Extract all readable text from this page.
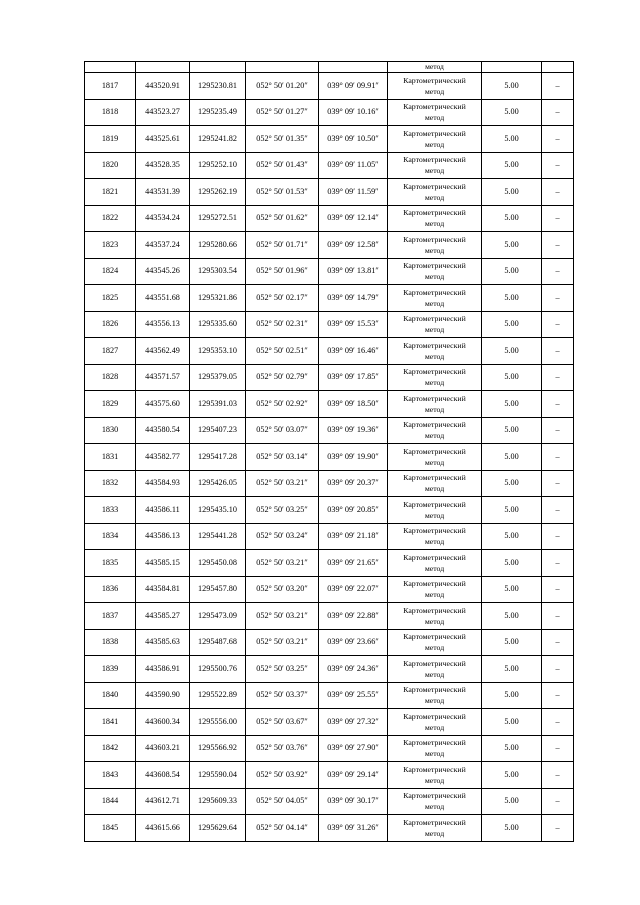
					метод		
1817	443520.91	1295230.81	052° 50′ 01.20″	039° 09′ 09.91″	Картометрический
метод	5.00	–
1818	443523.27	1295235.49	052° 50′ 01.27″	039° 09′ 10.16″	Картометрический
метод	5.00	–
1819	443525.61	1295241.82	052° 50′ 01.35″	039° 09′ 10.50″	Картометрический
метод	5.00	–
1820	443528.35	1295252.10	052° 50′ 01.43″	039° 09′ 11.05″	Картометрический
метод	5.00	–
1821	443531.39	1295262.19	052° 50′ 01.53″	039° 09′ 11.59″	Картометрический
метод	5.00	–
1822	443534.24	1295272.51	052° 50′ 01.62″	039° 09′ 12.14″	Картометрический
метод	5.00	–
1823	443537.24	1295280.66	052° 50′ 01.71″	039° 09′ 12.58″	Картометрический
метод	5.00	–
1824	443545.26	1295303.54	052° 50′ 01.96″	039° 09′ 13.81″	Картометрический
метод	5.00	–
1825	443551.68	1295321.86	052° 50′ 02.17″	039° 09′ 14.79″	Картометрический
метод	5.00	–
1826	443556.13	1295335.60	052° 50′ 02.31″	039° 09′ 15.53″	Картометрический
метод	5.00	–
1827	443562.49	1295353.10	052° 50′ 02.51″	039° 09′ 16.46″	Картометрический
метод	5.00	–
1828	443571.57	1295379.05	052° 50′ 02.79″	039° 09′ 17.85″	Картометрический
метод	5.00	–
1829	443575.60	1295391.03	052° 50′ 02.92″	039° 09′ 18.50″	Картометрический
метод	5.00	–
1830	443580.54	1295407.23	052° 50′ 03.07″	039° 09′ 19.36″	Картометрический
метод	5.00	–
1831	443582.77	1295417.28	052° 50′ 03.14″	039° 09′ 19.90″	Картометрический
метод	5.00	–
1832	443584.93	1295426.05	052° 50′ 03.21″	039° 09′ 20.37″	Картометрический
метод	5.00	–
1833	443586.11	1295435.10	052° 50′ 03.25″	039° 09′ 20.85″	Картометрический
метод	5.00	–
1834	443586.13	1295441.28	052° 50′ 03.24″	039° 09′ 21.18″	Картометрический
метод	5.00	–
1835	443585.15	1295450.08	052° 50′ 03.21″	039° 09′ 21.65″	Картометрический
метод	5.00	–
1836	443584.81	1295457.80	052° 50′ 03.20″	039° 09′ 22.07″	Картометрический
метод	5.00	–
1837	443585.27	1295473.09	052° 50′ 03.21″	039° 09′ 22.88″	Картометрический
метод	5.00	–
1838	443585.63	1295487.68	052° 50′ 03.21″	039° 09′ 23.66″	Картометрический
метод	5.00	–
1839	443586.91	1295500.76	052° 50′ 03.25″	039° 09′ 24.36″	Картометрический
метод	5.00	–
1840	443590.90	1295522.89	052° 50′ 03.37″	039° 09′ 25.55″	Картометрический
метод	5.00	–
1841	443600.34	1295556.00	052° 50′ 03.67″	039° 09′ 27.32″	Картометрический
метод	5.00	–
1842	443603.21	1295566.92	052° 50′ 03.76″	039° 09′ 27.90″	Картометрический
метод	5.00	–
1843	443608.54	1295590.04	052° 50′ 03.92″	039° 09′ 29.14″	Картометрический
метод	5.00	–
1844	443612.71	1295609.33	052° 50′ 04.05″	039° 09′ 30.17″	Картометрический
метод	5.00	–
1845	443615.66	1295629.64	052° 50′ 04.14″	039° 09′ 31.26″	Картометрический
метод	5.00	–
